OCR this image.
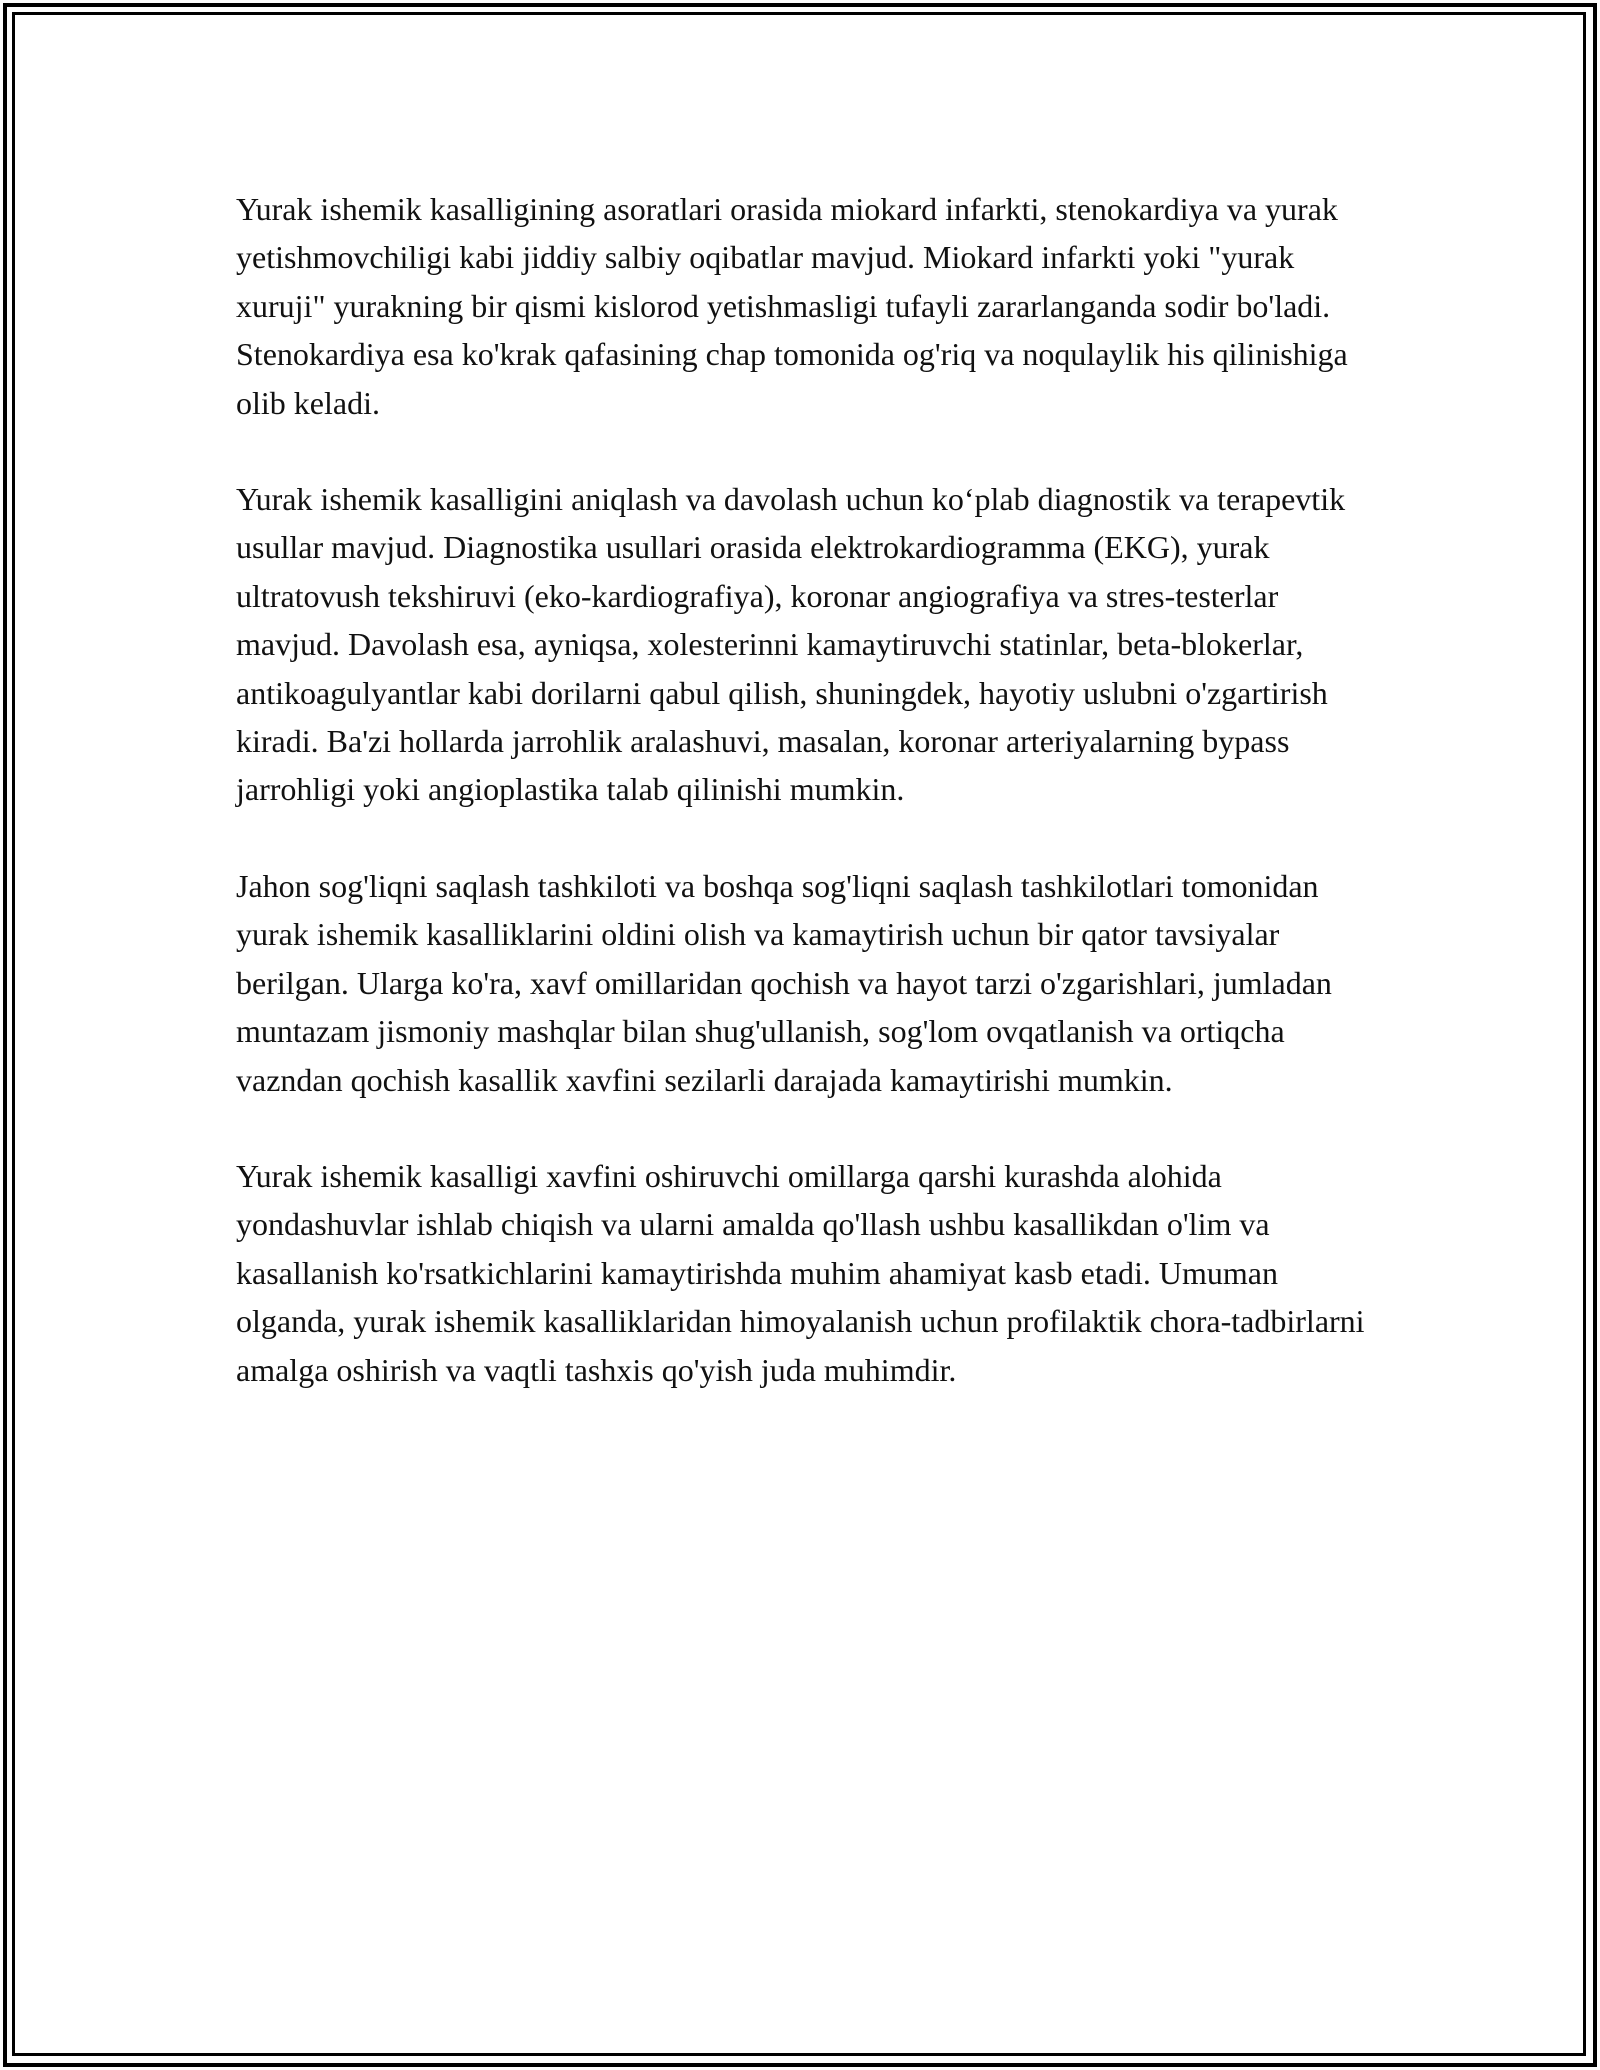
Yurak ishemik kasalligining asoratlari orasida miokard infarkti, stenokardiya va yurak yetishmovchiligi kabi jiddiy salbiy oqibatlar mavjud. Miokard infarkti yoki "yurak xuruji" yurakning bir qismi kislorod yetishmasligi tufayli zararlanganda sodir bo'ladi. Stenokardiya esa ko'krak qafasining chap tomonida og'riq va noqulaylik his qilinishiga olib keladi.

Yurak ishemik kasalligini aniqlash va davolash uchun ko‘plab diagnostik va terapevtik usullar mavjud. Diagnostika usullari orasida elektrokardiogramma (EKG), yurak ultratovush tekshiruvi (eko-kardiografiya), koronar angiografiya va stres-testerlar mavjud. Davolash esa, ayniqsa, xolesterinni kamaytiruvchi statinlar, beta-blokerlar, antikoagulyantlar kabi dorilarni qabul qilish, shuningdek, hayotiy uslubni o'zgartirish kiradi. Ba'zi hollarda jarrohlik aralashuvi, masalan, koronar arteriyalarning bypass jarrohligi yoki angioplastika talab qilinishi mumkin.

Jahon sog'liqni saqlash tashkiloti va boshqa sog'liqni saqlash tashkilotlari tomonidan yurak ishemik kasalliklarini oldini olish va kamaytirish uchun bir qator tavsiyalar berilgan. Ularga ko'ra, xavf omillaridan qochish va hayot tarzi o'zgarishlari, jumladan muntazam jismoniy mashqlar bilan shug'ullanish, sog'lom ovqatlanish va ortiqcha vazndan qochish kasallik xavfini sezilarli darajada kamaytirishi mumkin.

Yurak ishemik kasalligi xavfini oshiruvchi omillarga qarshi kurashda alohida yondashuvlar ishlab chiqish va ularni amalda qo'llash ushbu kasallikdan o'lim va kasallanish ko'rsatkichlarini kamaytirishda muhim ahamiyat kasb etadi. Umuman olganda, yurak ishemik kasalliklaridan himoyalanish uchun profilaktik chora-tadbirlarni amalga oshirish va vaqtli tashxis qo'yish juda muhimdir.
